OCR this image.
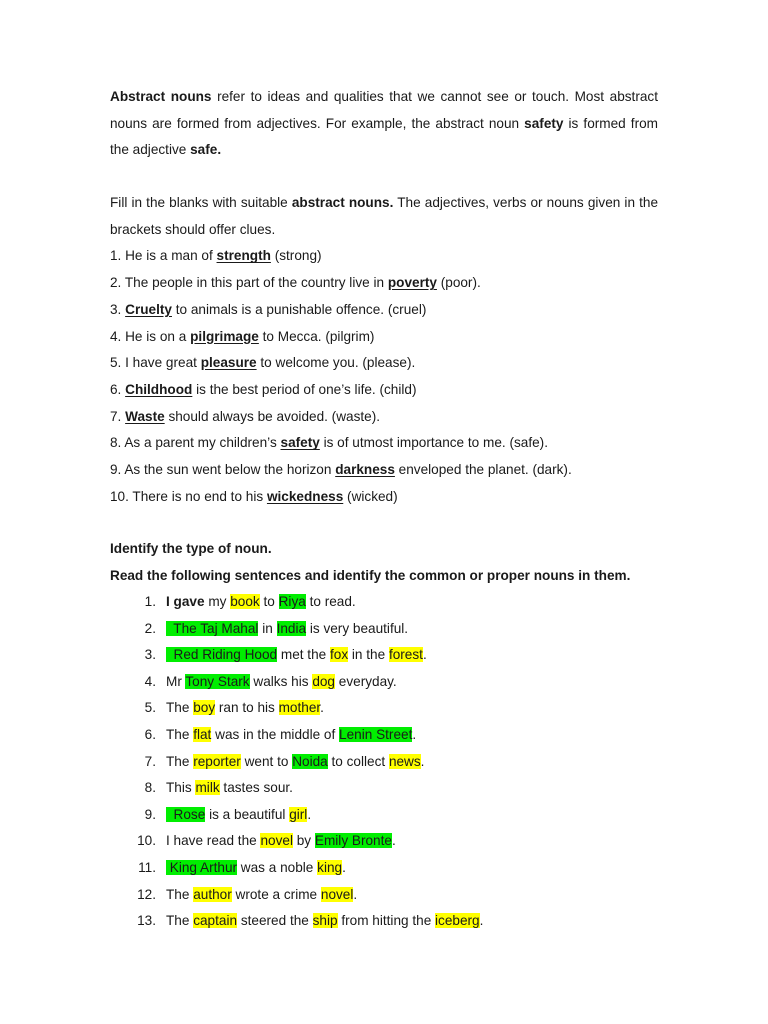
Abstract nouns refer to ideas and qualities that we cannot see or touch. Most abstract nouns are formed from adjectives. For example, the abstract noun safety is formed from the adjective safe.
Fill in the blanks with suitable abstract nouns. The adjectives, verbs or nouns given in the brackets should offer clues.
1. He is a man of strength (strong)
2. The people in this part of the country live in poverty (poor).
3. Cruelty to animals is a punishable offence. (cruel)
4. He is on a pilgrimage to Mecca. (pilgrim)
5. I have great pleasure to welcome you. (please).
6. Childhood is the best period of one’s life. (child)
7. Waste should always be avoided. (waste).
8. As a parent my children’s safety is of utmost importance to me. (safe).
9. As the sun went below the horizon darkness enveloped the planet. (dark).
10. There is no end to his wickedness (wicked)
Identify the type of noun.
Read the following sentences and identify the common or proper nouns in them.
1. I gave my book to Riya to read.
2.  The Taj Mahal in India is very beautiful.
3.  Red Riding Hood met the fox in the forest.
4. Mr Tony Stark walks his dog everyday.
5. The boy ran to his mother.
6. The flat was in the middle of Lenin Street.
7. The reporter went to Noida to collect news.
8. This milk tastes sour.
9.  Rose is a beautiful girl.
10. I have read the novel by Emily Bronte.
11. King Arthur was a noble king.
12. The author wrote a crime novel.
13. The captain steered the ship from hitting the iceberg.
